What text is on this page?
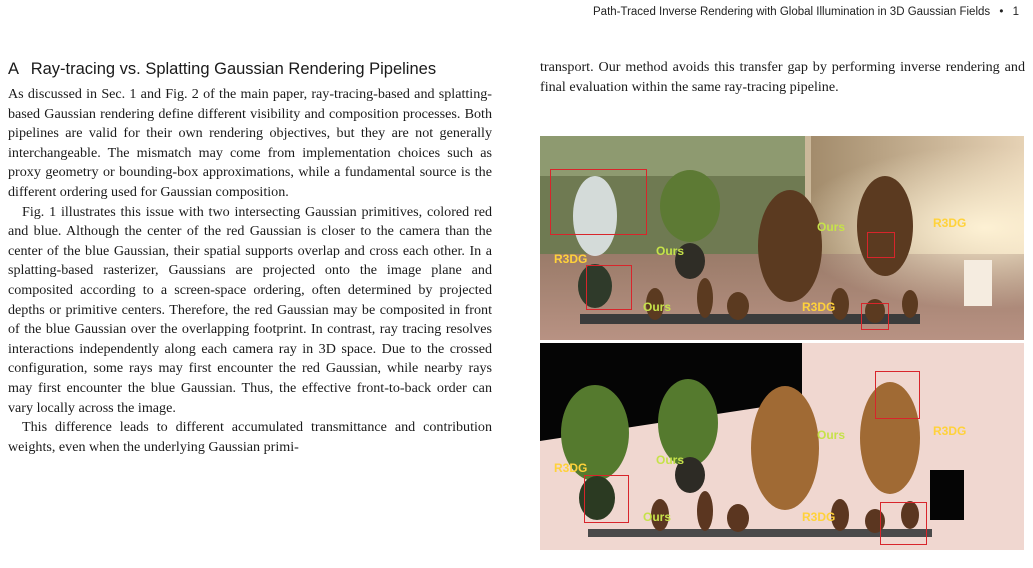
Path-Traced Inverse Rendering with Global Illumination in 3D Gaussian Fields • 1
A Ray-tracing vs. Splatting Gaussian Rendering Pipelines

As discussed in Sec. 1 and Fig. 2 of the main paper, ray-tracing-based and splatting-based Gaussian rendering define different visibility and composition processes. Both pipelines are valid for their own rendering objectives, but they are not generally interchangeable. The mismatch may come from implementation choices such as proxy geometry or bounding-box approximations, while a fundamental source is the different ordering used for Gaussian composition.

Fig. 1 illustrates this issue with two intersecting Gaussian primitives, colored red and blue. Although the center of the red Gaussian is closer to the camera than the center of the blue Gaussian, their spatial supports overlap and cross each other. In a splatting-based rasterizer, Gaussians are projected onto the image plane and composited according to a screen-space ordering, often determined by projected depths or primitive centers. Therefore, the red Gaussian may be composited in front of the blue Gaussian over the overlapping footprint. In contrast, ray tracing resolves interactions independently along each camera ray in 3D space. Due to the crossed configuration, some rays may first encounter the red Gaussian, while nearby rays may first encounter the blue Gaussian. Thus, the effective front-to-back order can vary locally across the image.

This difference leads to different accumulated transmittance and contribution weights, even when the underlying Gaussian primi-

transport. Our method avoids this transfer gap by performing inverse rendering and final evaluation within the same ray-tracing pipeline.

R3DG
Ours
Ours
Ours	R3DG
R3DG
R3DG
Ours
Ours
Ours	R3DG
R3DG
